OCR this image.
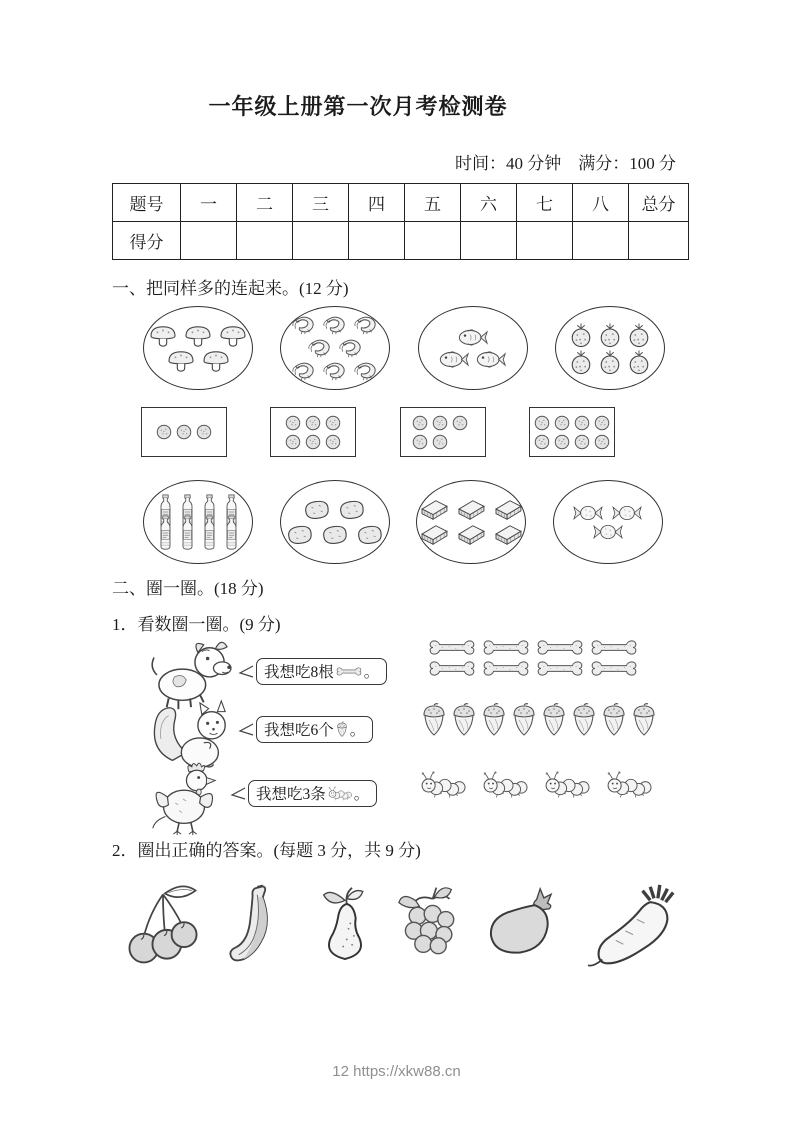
一年级上册第一次月考检测卷
时间：40 分钟　满分：100 分
题号	一	二	三	四	五	六	七	八	总分
得分									
一、把同样多的连起来。(12 分)
二、圈一圈。(18 分)
1．看数圈一圈。(9 分)
我想吃8根 。
我想吃6个 。
我想吃3条 。
2．圈出正确的答案。(每题 3 分，共 9 分)
12 https://xkw88.cn
